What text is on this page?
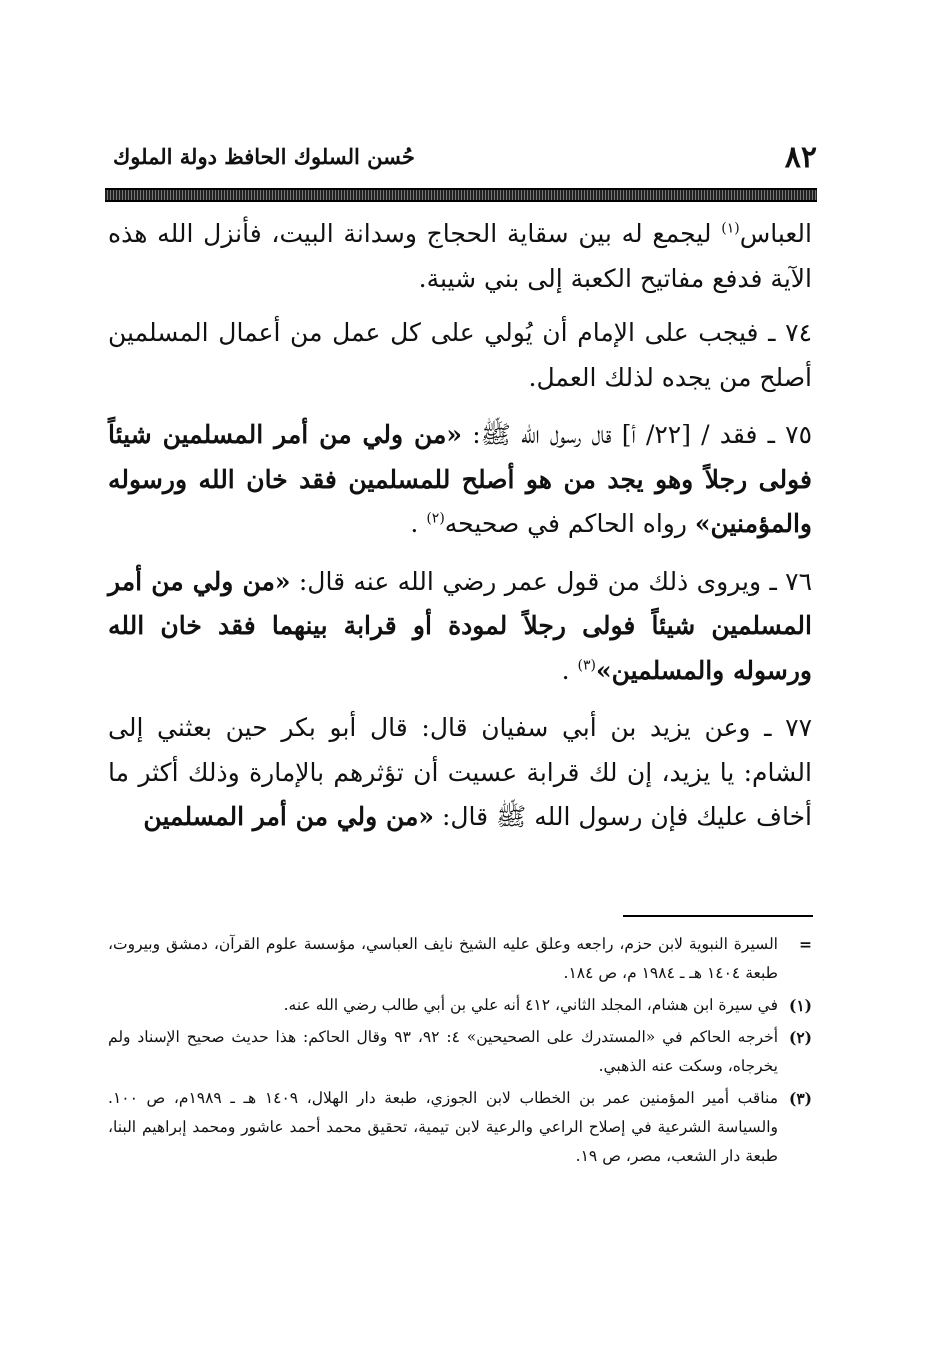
٨٢
حُسن السلوك الحافظ دولة الملوك

العباس$^{(١)}$ ليجمع له بين سقاية الحجاج وسدانة البيت، فأنزل الله هذه الآية فدفع مفاتيح الكعبة إلى بني شيبة.

٧٤ ـ فيجب على الإمام أن يُولي على كل عمل من أعمال المسلمين أصلح من يجده لذلك العمل.

٧٥ ـ فقد / [٢٢/ أ] قال رسول الله ﷺ: «من ولي من أمر المسلمين شيئاً فولى رجلاً وهو يجد من هو أصلح للمسلمين فقد خان الله ورسوله والمؤمنين» رواه الحاكم في صحيحه$^{(٢)}$ .

٧٦ ـ ويروى ذلك من قول عمر رضي الله عنه قال: «من ولي من أمر المسلمين شيئاً فولى رجلاً لمودة أو قرابة بينهما فقد خان الله ورسوله والمسلمين»$^{(٣)}$ .

٧٧ ـ وعن يزيد بن أبي سفيان قال: قال أبو بكر حين بعثني إلى الشام: يا يزيد، إن لك قرابة عسيت أن تؤثرهم بالإمارة وذلك أكثر ما أخاف عليك فإن رسول الله ﷺ قال: «من ولي من أمر المسلمين

=
السيرة النبوية لابن حزم، راجعه وعلق عليه الشيخ نايف العباسي، مؤسسة علوم القرآن، دمشق وبيروت، طبعة ١٤٠٤ هـ ـ ١٩٨٤ م، ص ١٨٤.

(١)
في سيرة ابن هشام، المجلد الثاني، ٤١٢ أنه علي بن أبي طالب رضي الله عنه.

(٢)
أخرجه الحاكم في «المستدرك على الصحيحين» ٤: ٩٢، ٩٣ وقال الحاكم: هذا حديث صحيح الإسناد ولم يخرجاه، وسكت عنه الذهبي.

(٣)
مناقب أمير المؤمنين عمر بن الخطاب لابن الجوزي، طبعة دار الهلال، ١٤٠٩ هـ ـ ١٩٨٩م، ص ١٠٠. والسياسة الشرعية في إصلاح الراعي والرعية لابن تيمية، تحقيق محمد أحمد عاشور ومحمد إبراهيم البنا، طبعة دار الشعب، مصر، ص ١٩.
